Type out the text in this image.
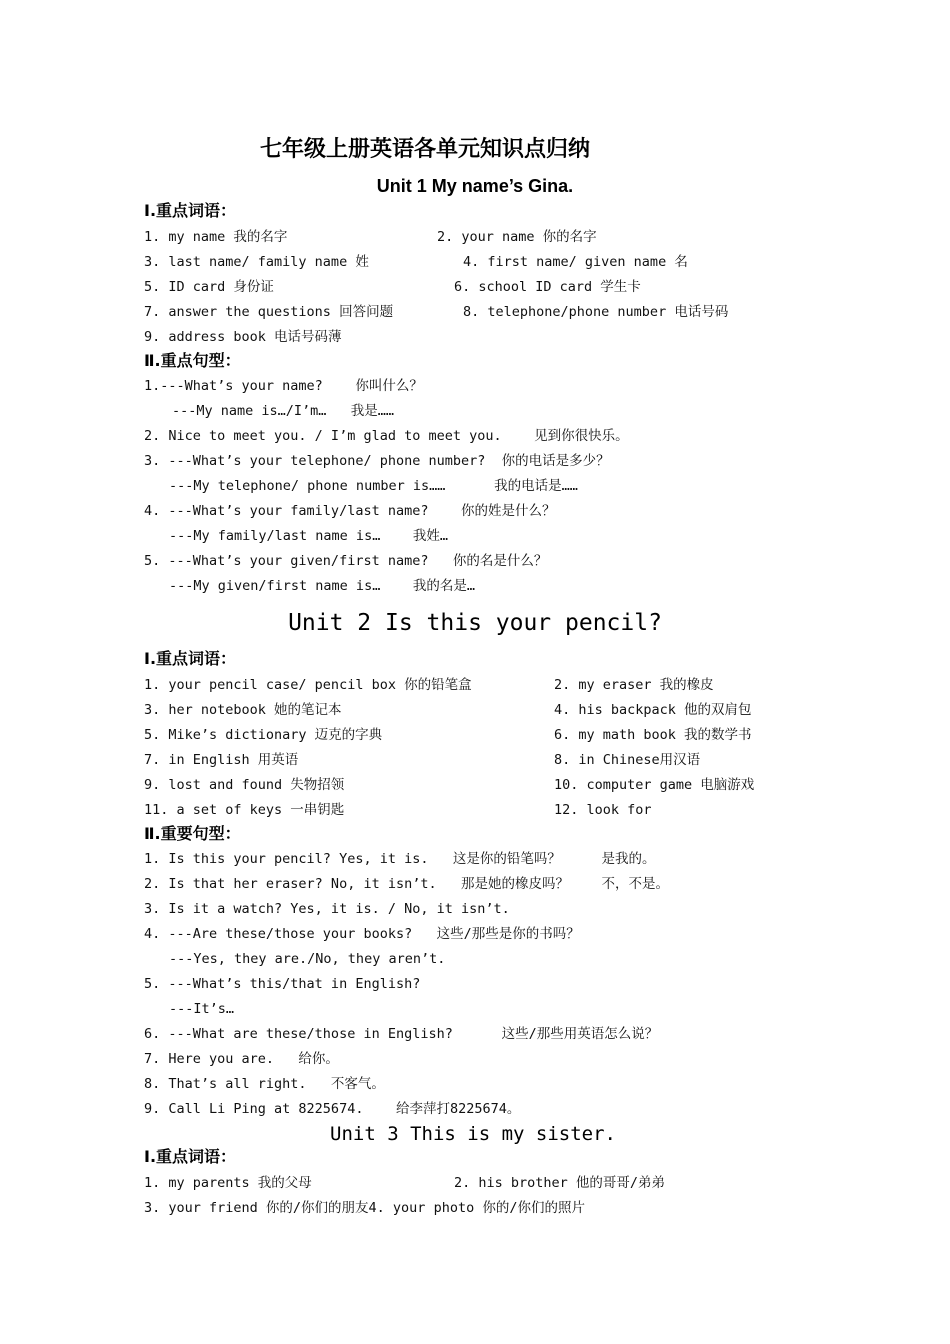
七年级上册英语各单元知识点归纳
Unit 1 My name’s Gina.
Ⅰ.重点词语：
1. my name 我的名字	2. your name 你的名字
3. last name/ family name 姓	4. first name/ given name 名
5. ID card 身份证	6. school ID card 学生卡
7. answer the questions 回答问题	8. telephone/phone number 电话号码
9. address book 电话号码薄
Ⅱ.重点句型：
1.---What’s your name?    你叫什么？
---My name is…/I’m…   我是……
2. Nice to meet you. / I’m glad to meet you.    见到你很快乐。
3. ---What’s your telephone/ phone number?  你的电话是多少？
---My telephone/ phone number is……      我的电话是……
4. ---What’s your family/last name?    你的姓是什么？
---My family/last name is…    我姓…
5. ---What’s your given/first name?   你的名是什么？
---My given/first name is…    我的名是…
Unit 2 Is this your pencil?
Ⅰ.重点词语：
1. your pencil case/ pencil box 你的铅笔盒	2. my eraser 我的橡皮
3. her notebook 她的笔记本	4. his backpack 他的双肩包
5. Mike’s dictionary 迈克的字典	6. my math book 我的数学书
7. in English 用英语	8. in Chinese用汉语
9. lost and found 失物招领	10. computer game 电脑游戏
11. a set of keys 一串钥匙	12. look for
Ⅱ.重要句型：
1. Is this your pencil? Yes, it is.   这是你的铅笔吗？     是我的。
2. Is that her eraser? No, it isn’t.   那是她的橡皮吗？    不，不是。
3. Is it a watch? Yes, it is. / No, it isn’t.
4. ---Are these/those your books?   这些/那些是你的书吗？
---Yes, they are./No, they aren’t.
5. ---What’s this/that in English?
---It’s…
6. ---What are these/those in English?      这些/那些用英语怎么说？
7. Here you are.   给你。
8. That’s all right.   不客气。
9. Call Li Ping at 8225674.    给李萍打8225674。
Unit 3 This is my sister.
Ⅰ.重点词语：
1. my parents 我的父母	2. his brother 他的哥哥/弟弟
3. your friend 你的/你们的朋友4. your photo 你的/你们的照片
